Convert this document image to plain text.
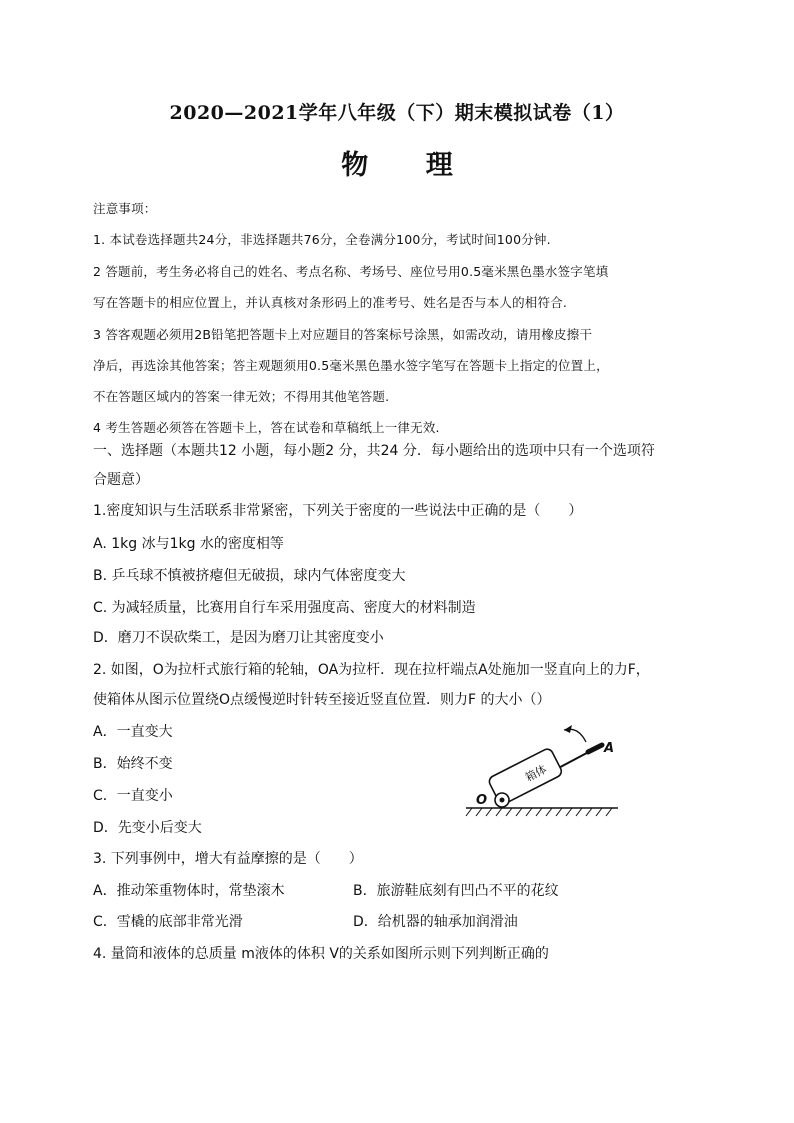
2020—2021学年八年级（下）期末模拟试卷（1）
物 理
注意事项：
1. 本试卷选择题共24分，非选择题共76分，全卷满分100分，考试时间100分钟.
2 答题前，考生务必将自己的姓名、考点名称、考场号、座位号用0.5毫米黑色墨水签字笔填
写在答题卡的相应位置上，并认真核对条形码上的准考号、姓名是否与本人的相符合.
3 答客观题必须用2B铅笔把答题卡上对应题目的答案标号涂黑，如需改动，请用橡皮擦干
净后，再选涂其他答案；答主观题须用0.5毫米黑色墨水签字笔写在答题卡上指定的位置上，
不在答题区域内的答案一律无效；不得用其他笔答题.
4 考生答题必须答在答题卡上，答在试卷和草稿纸上一律无效.
一、选择题（本题共12 小题，每小题2 分，共24 分．每小题给出的选项中只有一个选项符
合题意）
1.密度知识与生活联系非常紧密，下列关于密度的一些说法中正确的是（　　）
A. 1kg 冰与1kg 水的密度相等
B. 乒乓球不慎被挤瘪但无破损，球内气体密度变大
C. 为减轻质量，比赛用自行车采用强度高、密度大的材料制造
D．磨刀不误砍柴工，是因为磨刀让其密度变小
2. 如图，O为拉杆式旅行箱的轮轴，OA为拉杆．现在拉杆端点A处施加一竖直向上的力F，
使箱体从图示位置绕O点缓慢逆时针转至接近竖直位置．则力F 的大小（）
A．一直变大
B．始终不变
C．一直变小
D．先变小后变大
箱体
O
A
3. 下列事例中，增大有益摩擦的是（　　）
A．推动笨重物体时，常垫滚木	B．旅游鞋底刻有凹凸不平的花纹
C．雪橇的底部非常光滑	D．给机器的轴承加润滑油
4. 量筒和液体的总质量 m液体的体积 V的关系如图所示则下列判断正确的
